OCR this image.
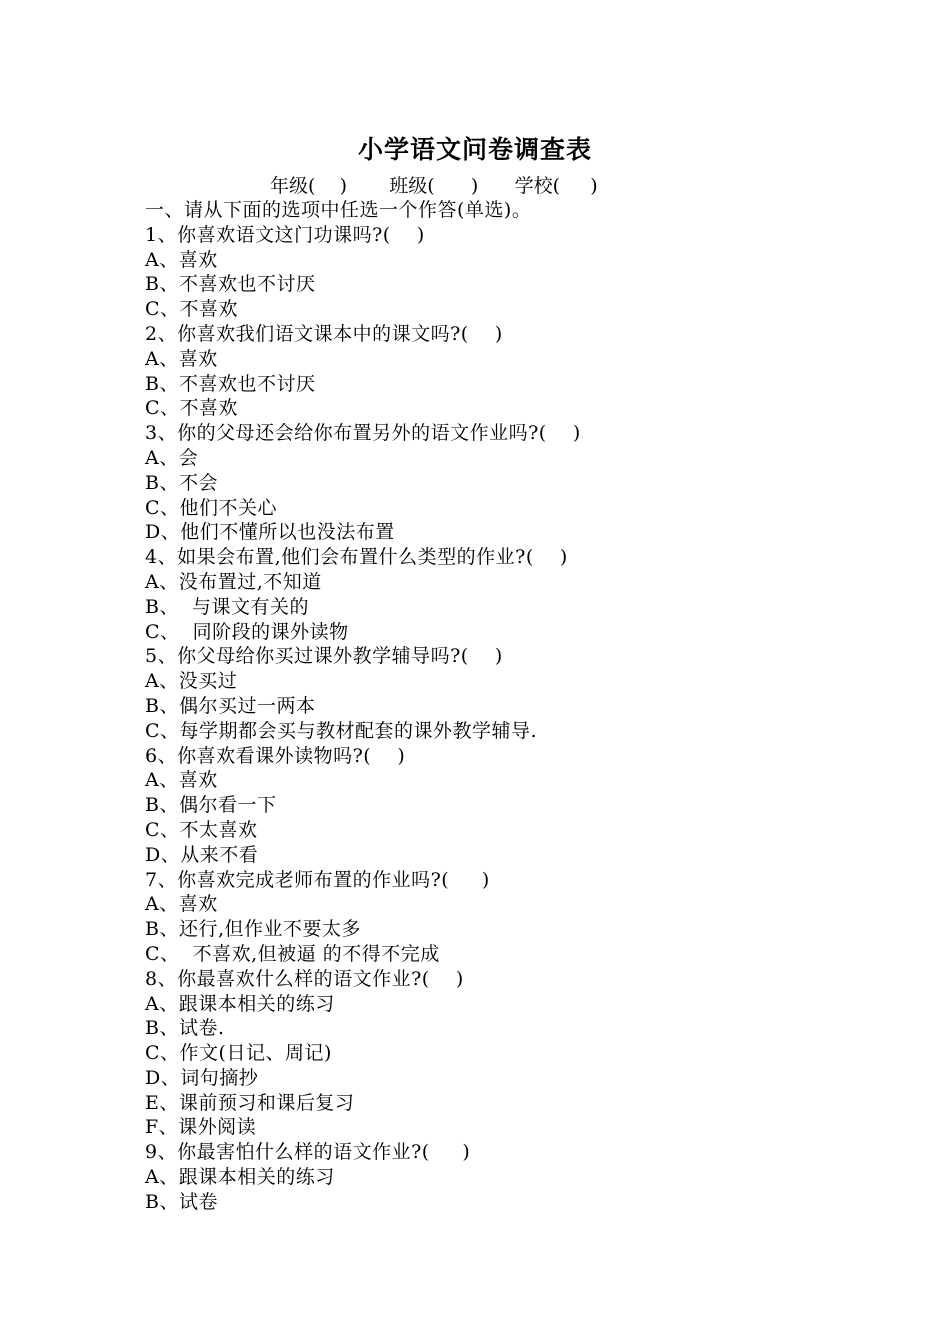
小学语文问卷调查表
年级(    ) 班级(      ) 学校(     )
一、请从下面的选项中任选一个作答(单选)。
1、你喜欢语文这门功课吗?(    )
A、喜欢
B、不喜欢也不讨厌
C、不喜欢
2、你喜欢我们语文课本中的课文吗?(    )
A、喜欢
B、不喜欢也不讨厌
C、不喜欢
3、你的父母还会给你布置另外的语文作业吗?(    )
A、会
B、不会
C、他们不关心
D、他们不懂所以也没法布置
4、如果会布置,他们会布置什么类型的作业?(    )
A、没布置过,不知道
B、  与课文有关的
C、  同阶段的课外读物
5、你父母给你买过课外教学辅导吗?(    )
A、没买过
B、偶尔买过一两本
C、每学期都会买与教材配套的课外教学辅导.
6、你喜欢看课外读物吗?(    )
A、喜欢
B、偶尔看一下
C、不太喜欢
D、从来不看
7、你喜欢完成老师布置的作业吗?(     )
A、喜欢
B、还行,但作业不要太多
C、  不喜欢,但被逼 的不得不完成
8、你最喜欢什么样的语文作业?(    )
A、跟课本相关的练习
B、试卷.
C、作文(日记、周记)
D、词句摘抄
E、课前预习和课后复习
F、课外阅读
9、你最害怕什么样的语文作业?(     )
A、跟课本相关的练习
B、试卷
